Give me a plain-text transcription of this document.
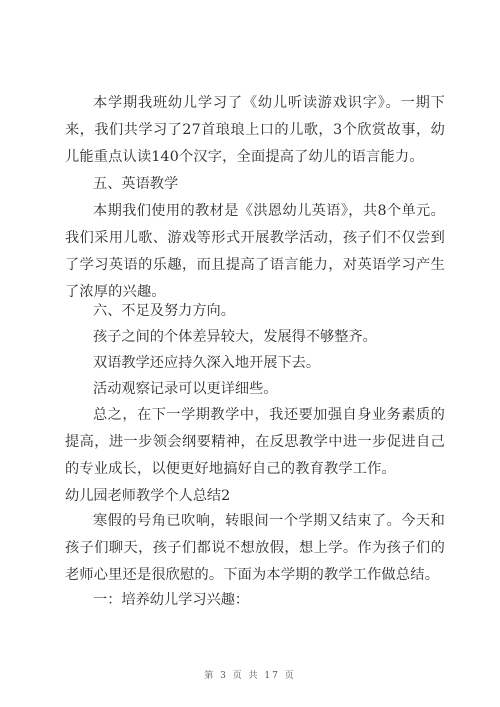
本学期我班幼儿学习了《幼儿听读游戏识字》。一期下来，我们共学习了27首琅琅上口的儿歌，3个欣赏故事，幼儿能重点认读140个汉字，全面提高了幼儿的语言能力。

五、英语教学

本期我们使用的教材是《洪恩幼儿英语》，共8个单元。我们采用儿歌、游戏等形式开展教学活动，孩子们不仅尝到了学习英语的乐趣，而且提高了语言能力，对英语学习产生了浓厚的兴趣。

六、不足及努力方向。

孩子之间的个体差异较大，发展得不够整齐。

双语教学还应持久深入地开展下去。

活动观察记录可以更详细些。

总之，在下一学期教学中，我还要加强自身业务素质的提高，进一步领会纲要精神，在反思教学中进一步促进自己的专业成长，以便更好地搞好自己的教育教学工作。

幼儿园老师教学个人总结2

寒假的号角已吹响，转眼间一个学期又结束了。今天和孩子们聊天，孩子们都说不想放假，想上学。作为孩子们的老师心里还是很欣慰的。下面为本学期的教学工作做总结。

一：培养幼儿学习兴趣：

第 3 页 共 17 页
